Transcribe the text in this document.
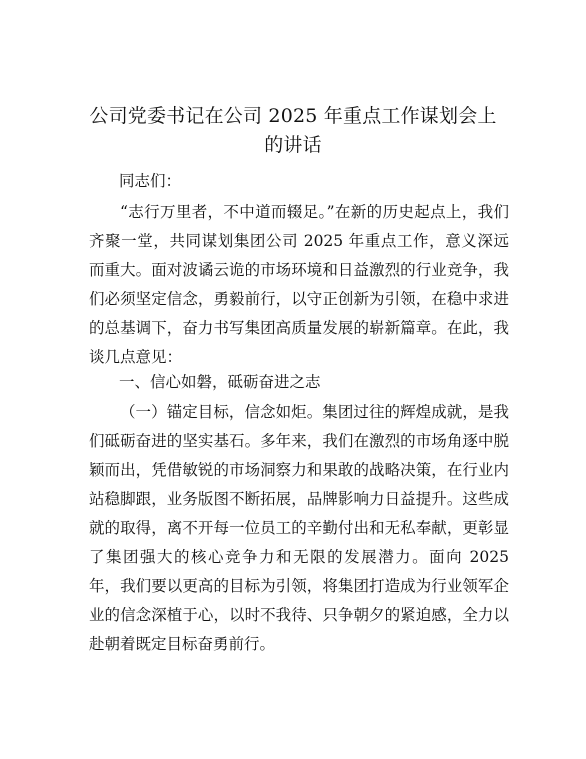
公司党委书记在公司 2025 年重点工作谋划会上
的讲话
同志们：
“志行万里者，不中道而辍足。”在新的历史起点上，我们齐聚一堂，共同谋划集团公司 2025 年重点工作，意义深远而重大。面对波谲云诡的市场环境和日益激烈的行业竞争，我们必须坚定信念，勇毅前行，以守正创新为引领，在稳中求进的总基调下，奋力书写集团高质量发展的崭新篇章。在此，我谈几点意见：
一、信心如磐，砥砺奋进之志
（一）锚定目标，信念如炬。集团过往的辉煌成就，是我们砥砺奋进的坚实基石。多年来，我们在激烈的市场角逐中脱颖而出，凭借敏锐的市场洞察力和果敢的战略决策，在行业内站稳脚跟，业务版图不断拓展，品牌影响力日益提升。这些成就的取得，离不开每一位员工的辛勤付出和无私奉献，更彰显了集团强大的核心竞争力和无限的发展潜力。面向 2025 年，我们要以更高的目标为引领，将集团打造成为行业领军企业的信念深植于心，以时不我待、只争朝夕的紧迫感，全力以赴朝着既定目标奋勇前行。
